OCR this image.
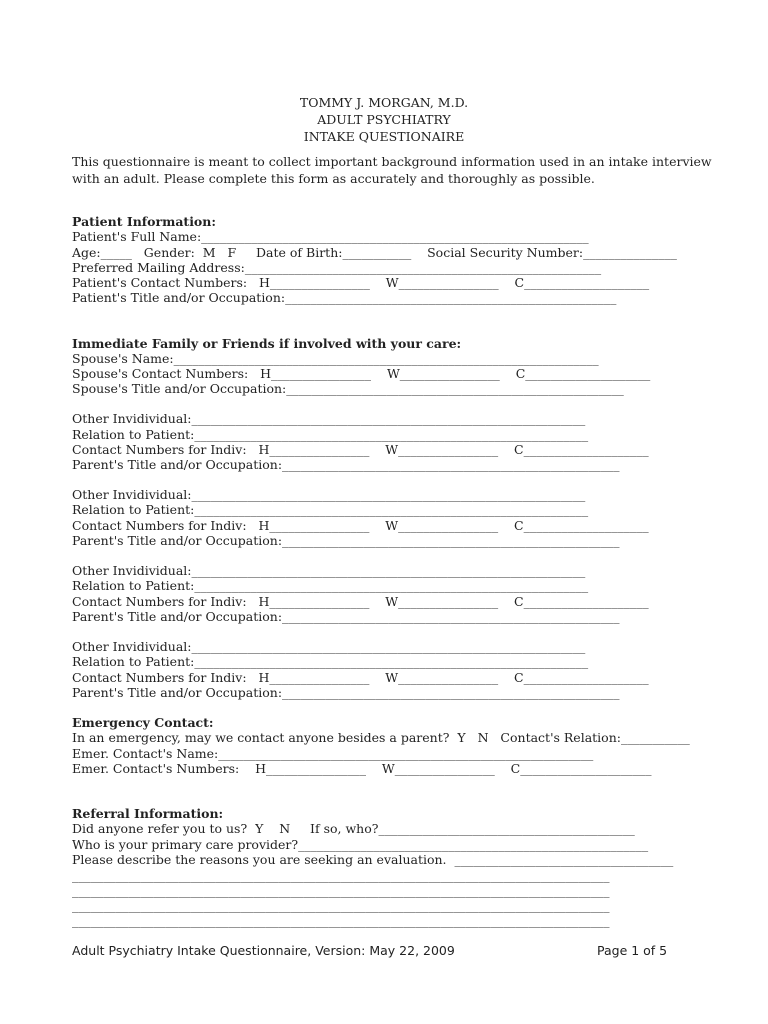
TOMMY J. MORGAN, M.D.
ADULT PSYCHIATRY
INTAKE QUESTIONAIRE
This questionnaire is meant to collect important background information used in an intake interview
with an adult. Please complete this form as accurately and thoroughly as possible.
Patient Information:
Patient's Full Name:______________________________________________________________
Age:_____   Gender:  M   F     Date of Birth:___________    Social Security Number:_______________
Preferred Mailing Address:_________________________________________________________
Patient's Contact Numbers:   H________________    W________________    C____________________
Patient's Title and/or Occupation:_____________________________________________________
Immediate Family or Friends if involved with your care:
Spouse's Name:____________________________________________________________________
Spouse's Contact Numbers:   H________________    W________________    C____________________
Spouse's Title and/or Occupation:______________________________________________________
Other Invidividual:_______________________________________________________________
Relation to Patient:_______________________________________________________________
Contact Numbers for Indiv:   H________________    W________________    C____________________
Parent's Title and/or Occupation:______________________________________________________
Other Invidividual:_______________________________________________________________
Relation to Patient:_______________________________________________________________
Contact Numbers for Indiv:   H________________    W________________    C____________________
Parent's Title and/or Occupation:______________________________________________________
Other Invidividual:_______________________________________________________________
Relation to Patient:_______________________________________________________________
Contact Numbers for Indiv:   H________________    W________________    C____________________
Parent's Title and/or Occupation:______________________________________________________
Other Invidividual:_______________________________________________________________
Relation to Patient:_______________________________________________________________
Contact Numbers for Indiv:   H________________    W________________    C____________________
Parent's Title and/or Occupation:______________________________________________________
Emergency Contact:
In an emergency, may we contact anyone besides a parent?  Y   N   Contact's Relation:___________
Emer. Contact's Name:____________________________________________________________
Emer. Contact's Numbers:    H________________    W________________    C_____________________
Referral Information:
Did anyone refer you to us?  Y    N     If so, who?_________________________________________
Who is your primary care provider?________________________________________________________
Please describe the reasons you are seeking an evaluation.  ___________________________________
______________________________________________________________________________________
______________________________________________________________________________________
______________________________________________________________________________________
______________________________________________________________________________________
Adult Psychiatry Intake Questionnaire, Version: May 22, 2009	Page 1 of 5
